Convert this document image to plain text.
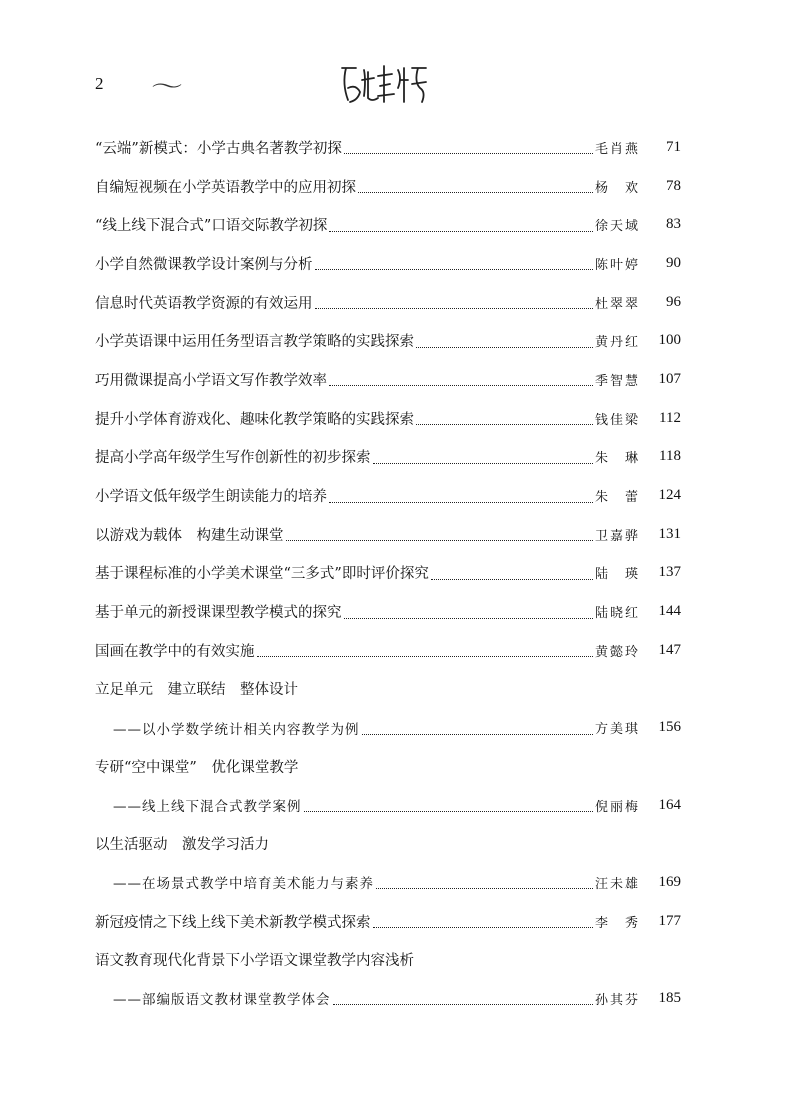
2 ～
“云端”新模式：小学古典名著教学初探	毛肖燕	71
自编短视频在小学英语教学中的应用初探	杨　欢	78
“线上线下混合式”口语交际教学初探	徐天域	83
小学自然微课教学设计案例与分析	陈叶婷	90
信息时代英语教学资源的有效运用	杜翠翠	96
小学英语课中运用任务型语言教学策略的实践探索	黄丹红	100
巧用微课提高小学语文写作教学效率	季智慧	107
提升小学体育游戏化、趣味化教学策略的实践探索	钱佳梁	112
提高小学高年级学生写作创新性的初步探索	朱　琳	118
小学语文低年级学生朗读能力的培养	朱　蕾	124
以游戏为载体　构建生动课堂	卫嘉骅	131
基于课程标准的小学美术课堂“三多式”即时评价探究	陆　瑛	137
基于单元的新授课课型教学模式的探究	陆晓红	144
国画在教学中的有效实施	黄懿玲	147
立足单元　建立联结　整体设计
——以小学数学统计相关内容教学为例	方美琪	156
专研“空中课堂”　优化课堂教学
——线上线下混合式教学案例	倪丽梅	164
以生活驱动　激发学习活力
——在场景式教学中培育美术能力与素养	汪未雄	169
新冠疫情之下线上线下美术新教学模式探索	李　秀	177
语文教育现代化背景下小学语文课堂教学内容浅析
——部编版语文教材课堂教学体会	孙其芬	185
